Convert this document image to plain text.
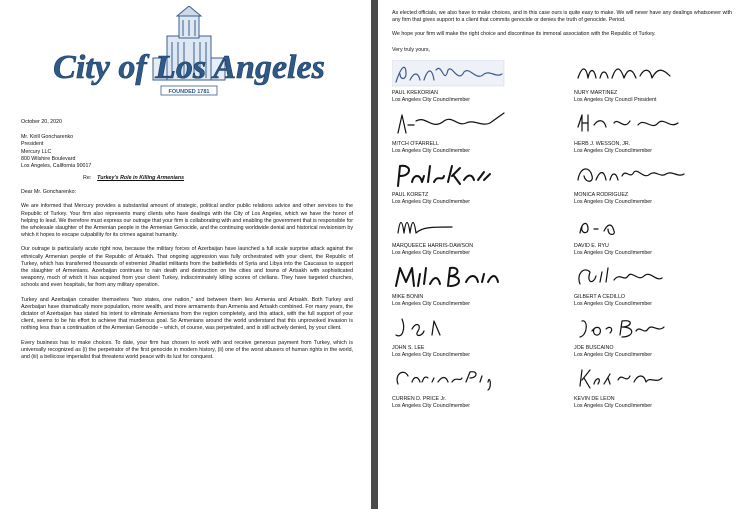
City of Los Angeles
FOUNDED 1781

October 20, 2020

Mr. Kirill Goncharenko
President
Mercury LLC
800 Wilshire Boulevard
Los Angeles, California 90017
Re: Turkey's Role in Killing Armenians

Dear Mr. Goncharenko:

We are informed that Mercury provides a substantial amount of strategic, political and/or public relations advice and other services to the Republic of Turkey. Your firm also represents many clients who have dealings with the City of Los Angeles, which we have the honor of helping to lead. We therefore must express our outrage that your firm is collaborating with and enabling the government that is responsible for the wholesale slaughter of the Armenian people in the Armenian Genocide, and the continuing worldwide denial and historical revisionism by which it hopes to escape culpability for its crimes against humanity.

Our outrage is particularly acute right now, because the military forces of Azerbaijan have launched a full scale surprise attack against the ethnically Armenian people of the Republic of Artsakh. That ongoing aggression was fully orchestrated with your client, the Republic of Turkey, which has transferred thousands of extremist Jihadist militants from the battlefields of Syria and Libya into the Caucasus to support the slaughter of Armenians. Azerbaijan continues to rain death and destruction on the cities and towns of Artsakh with sophisticated weaponry, much of which it has acquired from your client Turkey, indiscriminately killing scores of civilians. They have targeted churches, schools and even hospitals, far from any military operation.

Turkey and Azerbaijan consider themselves "two states, one nation," and between them lies Armenia and Artsakh. Both Turkey and Azerbaijan have dramatically more population, more wealth, and more armaments than Armenia and Artsakh combined. For many years, the dictator of Azerbaijan has stated his intent to eliminate Armenians from the region completely, and this attack, with the full support of your client, seems to be his effort to achieve that murderous goal. So Armenians around the world understand that this unprovoked invasion is nothing less than a continuation of the Armenian Genocide – which, of course, was perpetrated, and is still actively denied, by your client.

Every business has to make choices. To date, your firm has chosen to work with and receive generous payment from Turkey, which is universally recognized as (i) the perpetrator of the first genocide in modern history, (ii) one of the worst abusers of human rights in the world, and (iii) a bellicose imperialist that threatens world peace with its lust for conquest.

As elected officials, we also have to make choices, and in this case ours is quite easy to make. We will never have any dealings whatsoever with any firm that gives support to a client that commits genocide or denies the truth of genocide. Period.

We hope your firm will make the right choice and discontinue its immoral association with the Republic of Turkey.

Very truly yours,

PAUL KREKORIAN
Los Angeles City Councilmember
NURY MARTINEZ
Los Angeles City Council President
MITCH O'FARRELL
Los Angeles City Councilmember
HERB J. WESSON, JR.
Los Angeles City Councilmember
PAUL KORETZ
Los Angeles City Councilmember
MONICA RODRIGUEZ
Los Angeles City Councilmember
MARQUEECE HARRIS-DAWSON
Los Angeles City Councilmember
DAVID E. RYU
Los Angeles City Councilmember
MIKE BONIN
Los Angeles City Councilmember
GILBERT A CEDILLO
Los Angeles City Councilmember
JOHN S. LEE
Los Angeles City Councilmember
JOE BUSCAINO
Los Angeles City Councilmember
CURREN D. PRICE Jr.
Los Angeles City Councilmember
KEVIN DE LEON
Los Angeles City Councilmember
